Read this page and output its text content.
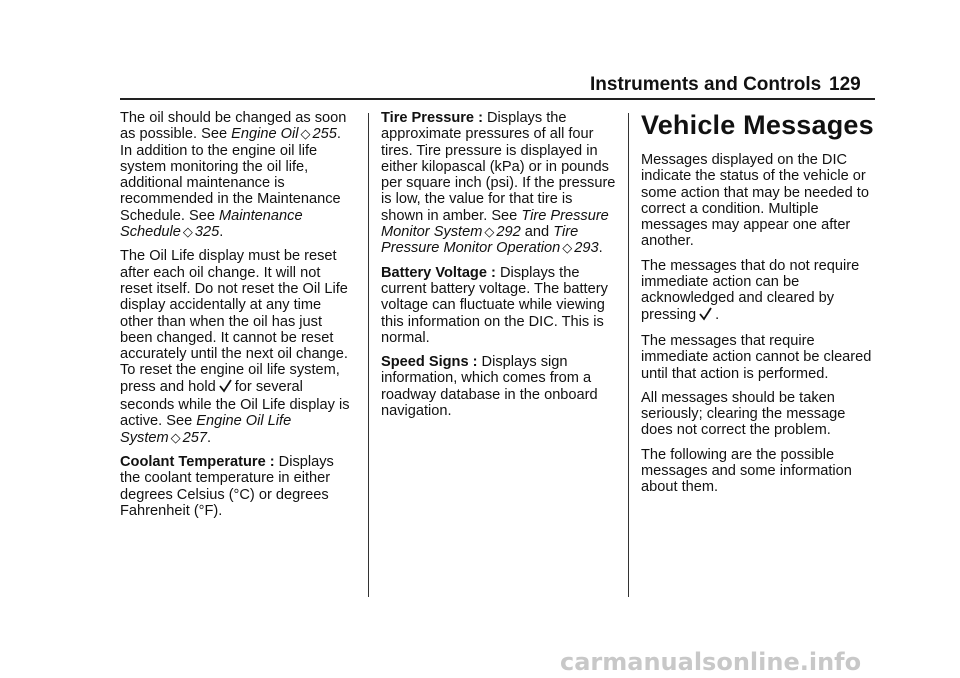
Instruments and Controls 129

The oil should be changed as soon as possible. See Engine Oil ◇ 255. In addition to the engine oil life system monitoring the oil life, additional maintenance is recommended in the Maintenance Schedule. See Maintenance Schedule ◇ 325.

The Oil Life display must be reset after each oil change. It will not reset itself. Do not reset the Oil Life display accidentally at any time other than when the oil has just been changed. It cannot be reset accurately until the next oil change. To reset the engine oil life system, press and hold for several seconds while the Oil Life display is active. See Engine Oil Life System ◇ 257.

Coolant Temperature : Displays the coolant temperature in either degrees Celsius (°C) or degrees Fahrenheit (°F).

Tire Pressure : Displays the approximate pressures of all four tires. Tire pressure is displayed in either kilopascal (kPa) or in pounds per square inch (psi). If the pressure is low, the value for that tire is shown in amber. See Tire Pressure Monitor System ◇ 292 and Tire Pressure Monitor Operation ◇ 293.

Battery Voltage : Displays the current battery voltage. The battery voltage can fluctuate while viewing this information on the DIC. This is normal.

Speed Signs : Displays sign information, which comes from a roadway database in the onboard navigation.

Vehicle Messages

Messages displayed on the DIC indicate the status of the vehicle or some action that may be needed to correct a condition. Multiple messages may appear one after another.

The messages that do not require immediate action can be acknowledged and cleared by pressing .

The messages that require immediate action cannot be cleared until that action is performed.

All messages should be taken seriously; clearing the message does not correct the problem.

The following are the possible messages and some information about them.

carmanualsonline.info
